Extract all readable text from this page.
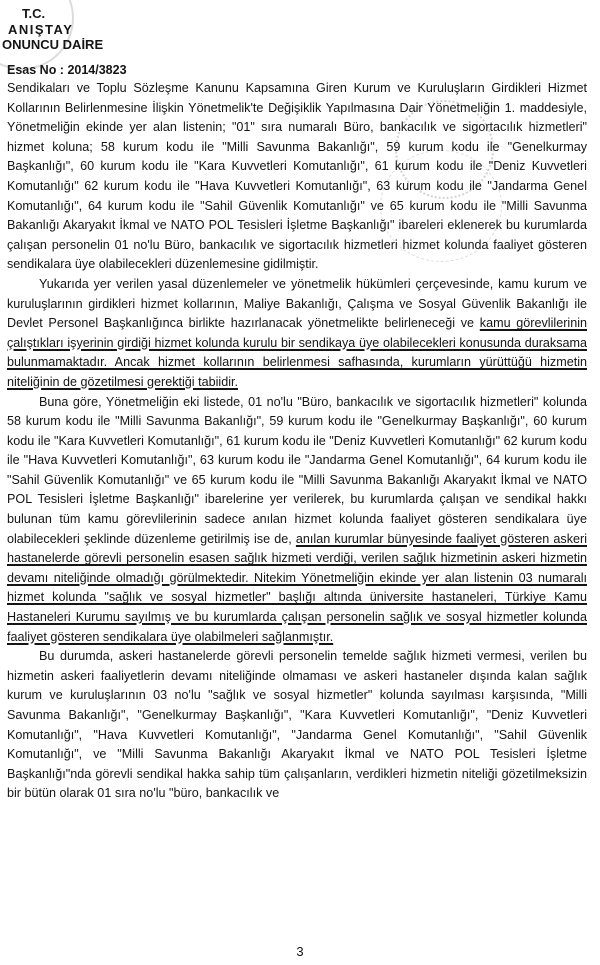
T.C.
ANIŞTAY
ONUNCU DAİRE
Esas No : 2014/3823

Sendikaları ve Toplu Sözleşme Kanunu Kapsamına Giren Kurum ve Kuruluşların Girdikleri Hizmet Kollarının Belirlenmesine İlişkin Yönetmelik'te Değişiklik Yapılmasına Dair Yönetmeliğin 1. maddesiyle, Yönetmeliğin ekinde yer alan listenin; "01" sıra numaralı Büro, bankacılık ve sigortacılık hizmetleri" hizmet koluna; 58 kurum kodu ile "Milli Savunma Bakanlığı", 59 kurum kodu ile "Genelkurmay Başkanlığı", 60 kurum kodu ile "Kara Kuvvetleri Komutanlığı", 61 kurum kodu ile "Deniz Kuvvetleri Komutanlığı" 62 kurum kodu ile "Hava Kuvvetleri Komutanlığı", 63 kurum kodu ile "Jandarma Genel Komutanlığı", 64 kurum kodu ile "Sahil Güvenlik Komutanlığı" ve 65 kurum kodu ile "Milli Savunma Bakanlığı Akaryakıt İkmal ve NATO POL Tesisleri İşletme Başkanlığı" ibareleri eklenerek bu kurumlarda çalışan personelin 01 no'lu Büro, bankacılık ve sigortacılık hizmetleri hizmet kolunda faaliyet gösteren sendikalara üye olabilecekleri düzenlemesine gidilmiştir.

Yukarıda yer verilen yasal düzenlemeler ve yönetmelik hükümleri çerçevesinde, kamu kurum ve kuruluşlarının girdikleri hizmet kollarının, Maliye Bakanlığı, Çalışma ve Sosyal Güvenlik Bakanlığı ile Devlet Personel Başkanlığınca birlikte hazırlanacak yönetmelikte belirleneceği ve kamu görevlilerinin çalıştıkları işyerinin girdiği hizmet kolunda kurulu bir sendikaya üye olabilecekleri konusunda duraksama bulunmamaktadır. Ancak hizmet kollarının belirlenmesi safhasında, kurumların yürüttüğü hizmetin niteliğinin de gözetilmesi gerektiği tabiidir.

Buna göre, Yönetmeliğin eki listede, 01 no'lu "Büro, bankacılık ve sigortacılık hizmetleri" kolunda 58 kurum kodu ile "Milli Savunma Bakanlığı", 59 kurum kodu ile "Genelkurmay Başkanlığı", 60 kurum kodu ile "Kara Kuvvetleri Komutanlığı", 61 kurum kodu ile "Deniz Kuvvetleri Komutanlığı" 62 kurum kodu ile "Hava Kuvvetleri Komutanlığı", 63 kurum kodu ile "Jandarma Genel Komutanlığı", 64 kurum kodu ile "Sahil Güvenlik Komutanlığı" ve 65 kurum kodu ile "Milli Savunma Bakanlığı Akaryakıt İkmal ve NATO POL Tesisleri İşletme Başkanlığı" ibarelerine yer verilerek, bu kurumlarda çalışan ve sendikal hakkı bulunan tüm kamu görevlilerinin sadece anılan hizmet kolunda faaliyet gösteren sendikalara üye olabilecekleri şeklinde düzenleme getirilmiş ise de, anılan kurumlar bünyesinde faaliyet gösteren askeri hastanelerde görevli personelin esasen sağlık hizmeti verdiği, verilen sağlık hizmetinin askeri hizmetin devamı niteliğinde olmadığı görülmektedir. Nitekim Yönetmeliğin ekinde yer alan listenin 03 numaralı hizmet kolunda "sağlık ve sosyal hizmetler" başlığı altında üniversite hastaneleri, Türkiye Kamu Hastaneleri Kurumu sayılmış ve bu kurumlarda çalışan personelin sağlık ve sosyal hizmetler kolunda faaliyet gösteren sendikalara üye olabilmeleri sağlanmıştır.

Bu durumda, askeri hastanelerde görevli personelin temelde sağlık hizmeti vermesi, verilen bu hizmetin askeri faaliyetlerin devamı niteliğinde olmaması ve askeri hastaneler dışında kalan sağlık kurum ve kuruluşlarının 03 no'lu "sağlık ve sosyal hizmetler" kolunda sayılması karşısında, "Milli Savunma Bakanlığı", "Genelkurmay Başkanlığı", "Kara Kuvvetleri Komutanlığı", "Deniz Kuvvetleri Komutanlığı", "Hava Kuvvetleri Komutanlığı", "Jandarma Genel Komutanlığı", "Sahil Güvenlik Komutanlığı", ve "Milli Savunma Bakanlığı Akaryakıt İkmal ve NATO POL Tesisleri İşletme Başkanlığı"nda görevli sendikal hakka sahip tüm çalışanların, verdikleri hizmetin niteliği gözetilmeksizin bir bütün olarak 01 sıra no'lu "büro, bankacılık ve

3
